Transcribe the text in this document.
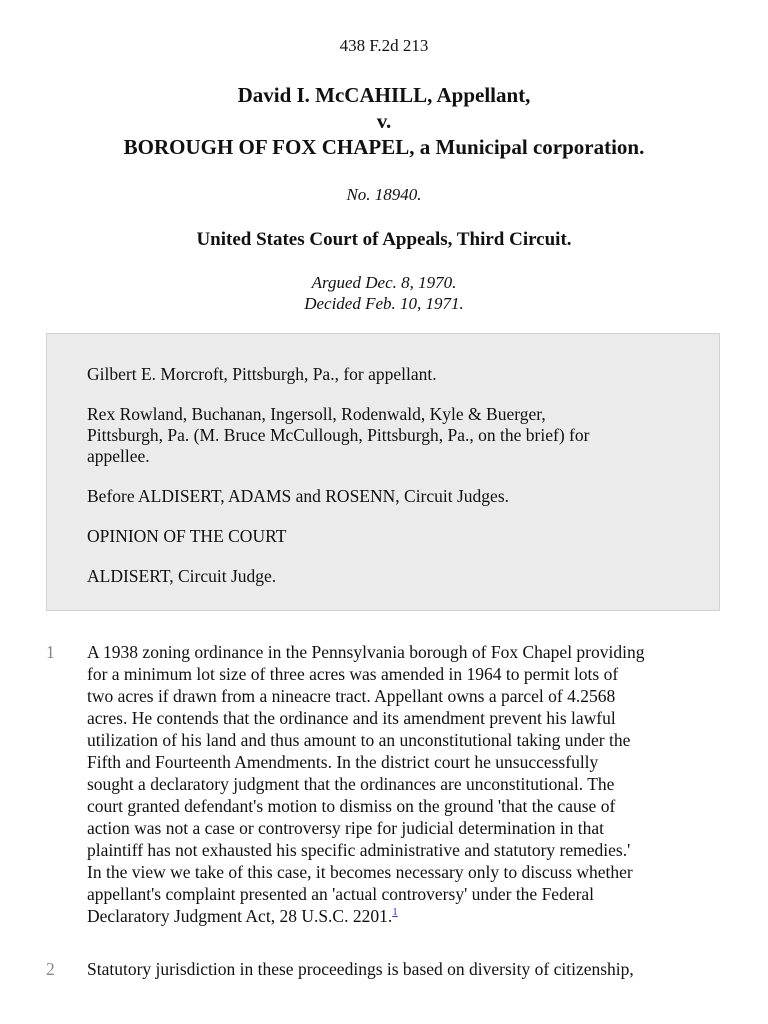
438 F.2d 213
David I. McCAHILL, Appellant,
v.
BOROUGH OF FOX CHAPEL, a Municipal corporation.
No. 18940.
United States Court of Appeals, Third Circuit.
Argued Dec. 8, 1970.
Decided Feb. 10, 1971.

Gilbert E. Morcroft, Pittsburgh, Pa., for appellant.

Rex Rowland, Buchanan, Ingersoll, Rodenwald, Kyle & Buerger,
Pittsburgh, Pa. (M. Bruce McCullough, Pittsburgh, Pa., on the brief) for
appellee.

Before ALDISERT, ADAMS and ROSENN, Circuit Judges.

OPINION OF THE COURT

ALDISERT, Circuit Judge.

1 A 1938 zoning ordinance in the Pennsylvania borough of Fox Chapel providing
for a minimum lot size of three acres was amended in 1964 to permit lots of
two acres if drawn from a nineacre tract. Appellant owns a parcel of 4.2568
acres. He contends that the ordinance and its amendment prevent his lawful
utilization of his land and thus amount to an unconstitutional taking under the
Fifth and Fourteenth Amendments. In the district court he unsuccessfully
sought a declaratory judgment that the ordinances are unconstitutional. The
court granted defendant's motion to dismiss on the ground 'that the cause of
action was not a case or controversy ripe for judicial determination in that
plaintiff has not exhausted his specific administrative and statutory remedies.'
In the view we take of this case, it becomes necessary only to discuss whether
appellant's complaint presented an 'actual controversy' under the Federal
Declaratory Judgment Act, 28 U.S.C. 2201.$^1$
2 Statutory jurisdiction in these proceedings is based on diversity of citizenship,
